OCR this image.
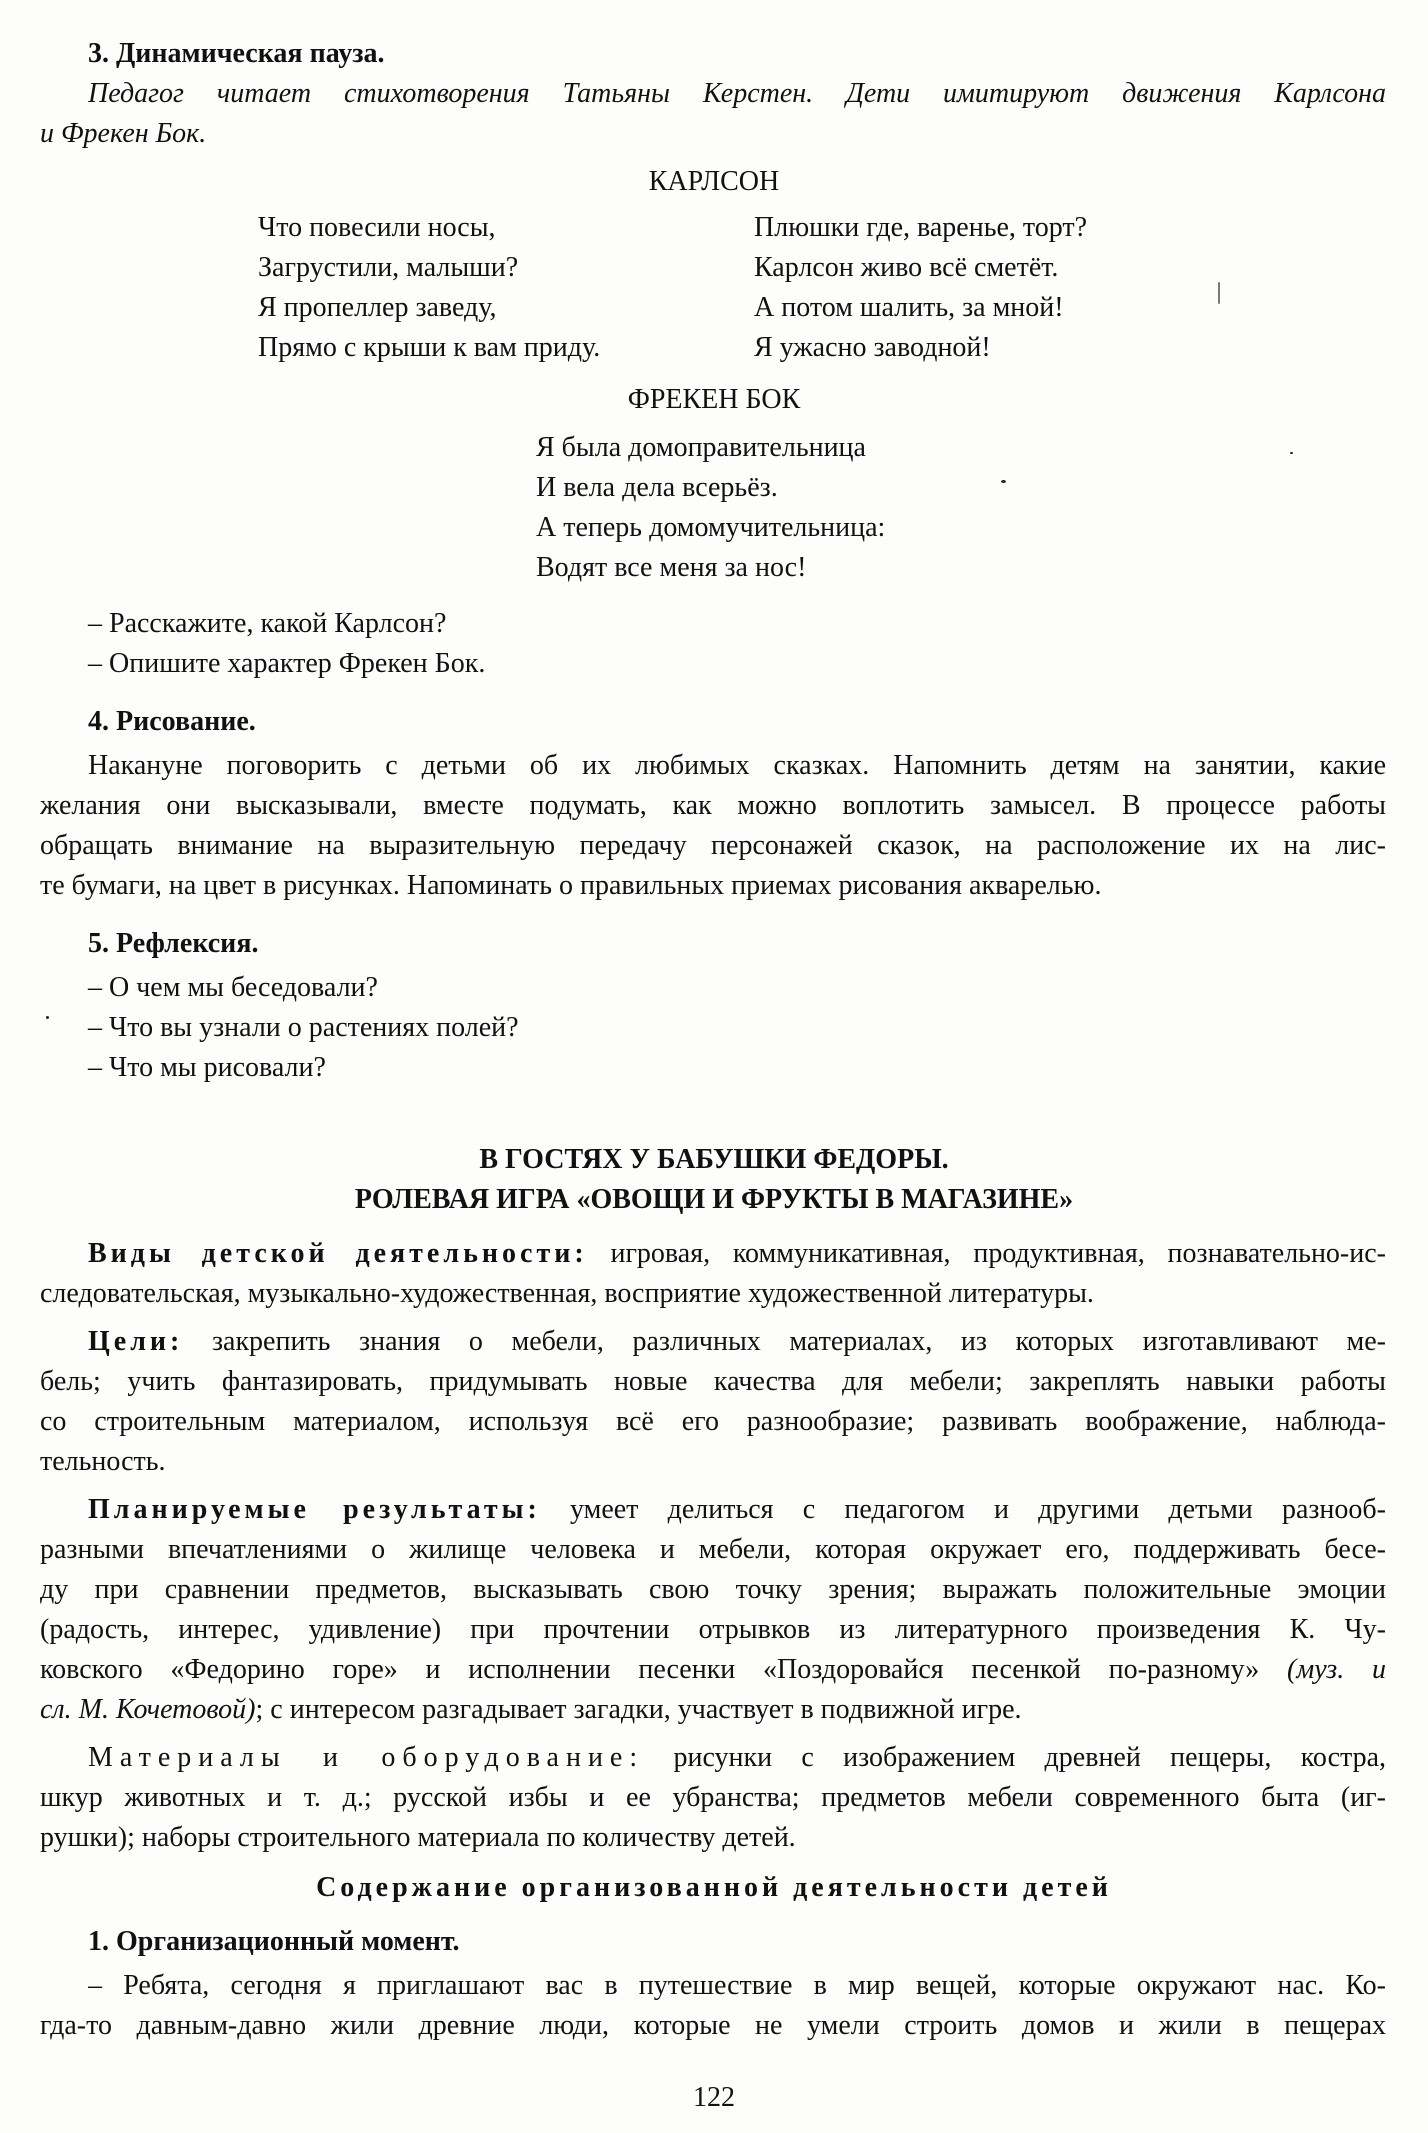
3. Динамическая пауза.
Педагог читает стихотворения Татьяны Керстен. Дети имитируют движения Карлсона
и Фрекен Бок.
КАРЛСОН
Что повесили носы,
Загрустили, малыши?
Я пропеллер заведу,
Прямо с крыши к вам приду.
Плюшки где, варенье, торт?
Карлсон живо всё сметёт.
А потом шалить, за мной!
Я ужасно заводной!
ФРЕКЕН БОК
Я была домоправительница
И вела дела всерьёз.
А теперь домомучительница:
Водят все меня за нос!
– Расскажите, какой Карлсон?
– Опишите характер Фрекен Бок.
4. Рисование.
Накануне поговорить с детьми об их любимых сказках. Напомнить детям на занятии, какие
желания они высказывали, вместе подумать, как можно воплотить замысел. В процессе работы
обращать внимание на выразительную передачу персонажей сказок, на расположение их на лис-
те бумаги, на цвет в рисунках. Напоминать о правильных приемах рисования акварелью.
5. Рефлексия.
– О чем мы беседовали?
– Что вы узнали о растениях полей?
– Что мы рисовали?
В ГОСТЯХ У БАБУШКИ ФЕДОРЫ.
РОЛЕВАЯ ИГРА «ОВОЩИ И ФРУКТЫ В МАГАЗИНЕ»
Виды детской деятельности: игровая, коммуникативная, продуктивная, познавательно-ис-
следовательская, музыкально-художественная, восприятие художественной литературы.
Цели: закрепить знания о мебели, различных материалах, из которых изготавливают ме-
бель; учить фантазировать, придумывать новые качества для мебели; закреплять навыки работы
со строительным материалом, используя всё его разнообразие; развивать воображение, наблюда-
тельность.
Планируемые результаты: умеет делиться с педагогом и другими детьми разнооб-
разными впечатлениями о жилище человека и мебели, которая окружает его, поддерживать бесе-
ду при сравнении предметов, высказывать свою точку зрения; выражать положительные эмоции
(радость, интерес, удивление) при прочтении отрывков из литературного произведения К. Чу-
ковского «Федорино горе» и исполнении песенки «Поздоровайся песенкой по-разному» (муз. и
сл. М. Кочетовой); с интересом разгадывает загадки, участвует в подвижной игре.
Материалы и оборудование: рисунки с изображением древней пещеры, костра,
шкур животных и т. д.; русской избы и ее убранства; предметов мебели современного быта (иг-
рушки); наборы строительного материала по количеству детей.
Содержание организованной деятельности детей
1. Организационный момент.
– Ребята, сегодня я приглашают вас в путешествие в мир вещей, которые окружают нас. Ко-
гда-то давным-давно жили древние люди, которые не умели строить домов и жили в пещерах
122
